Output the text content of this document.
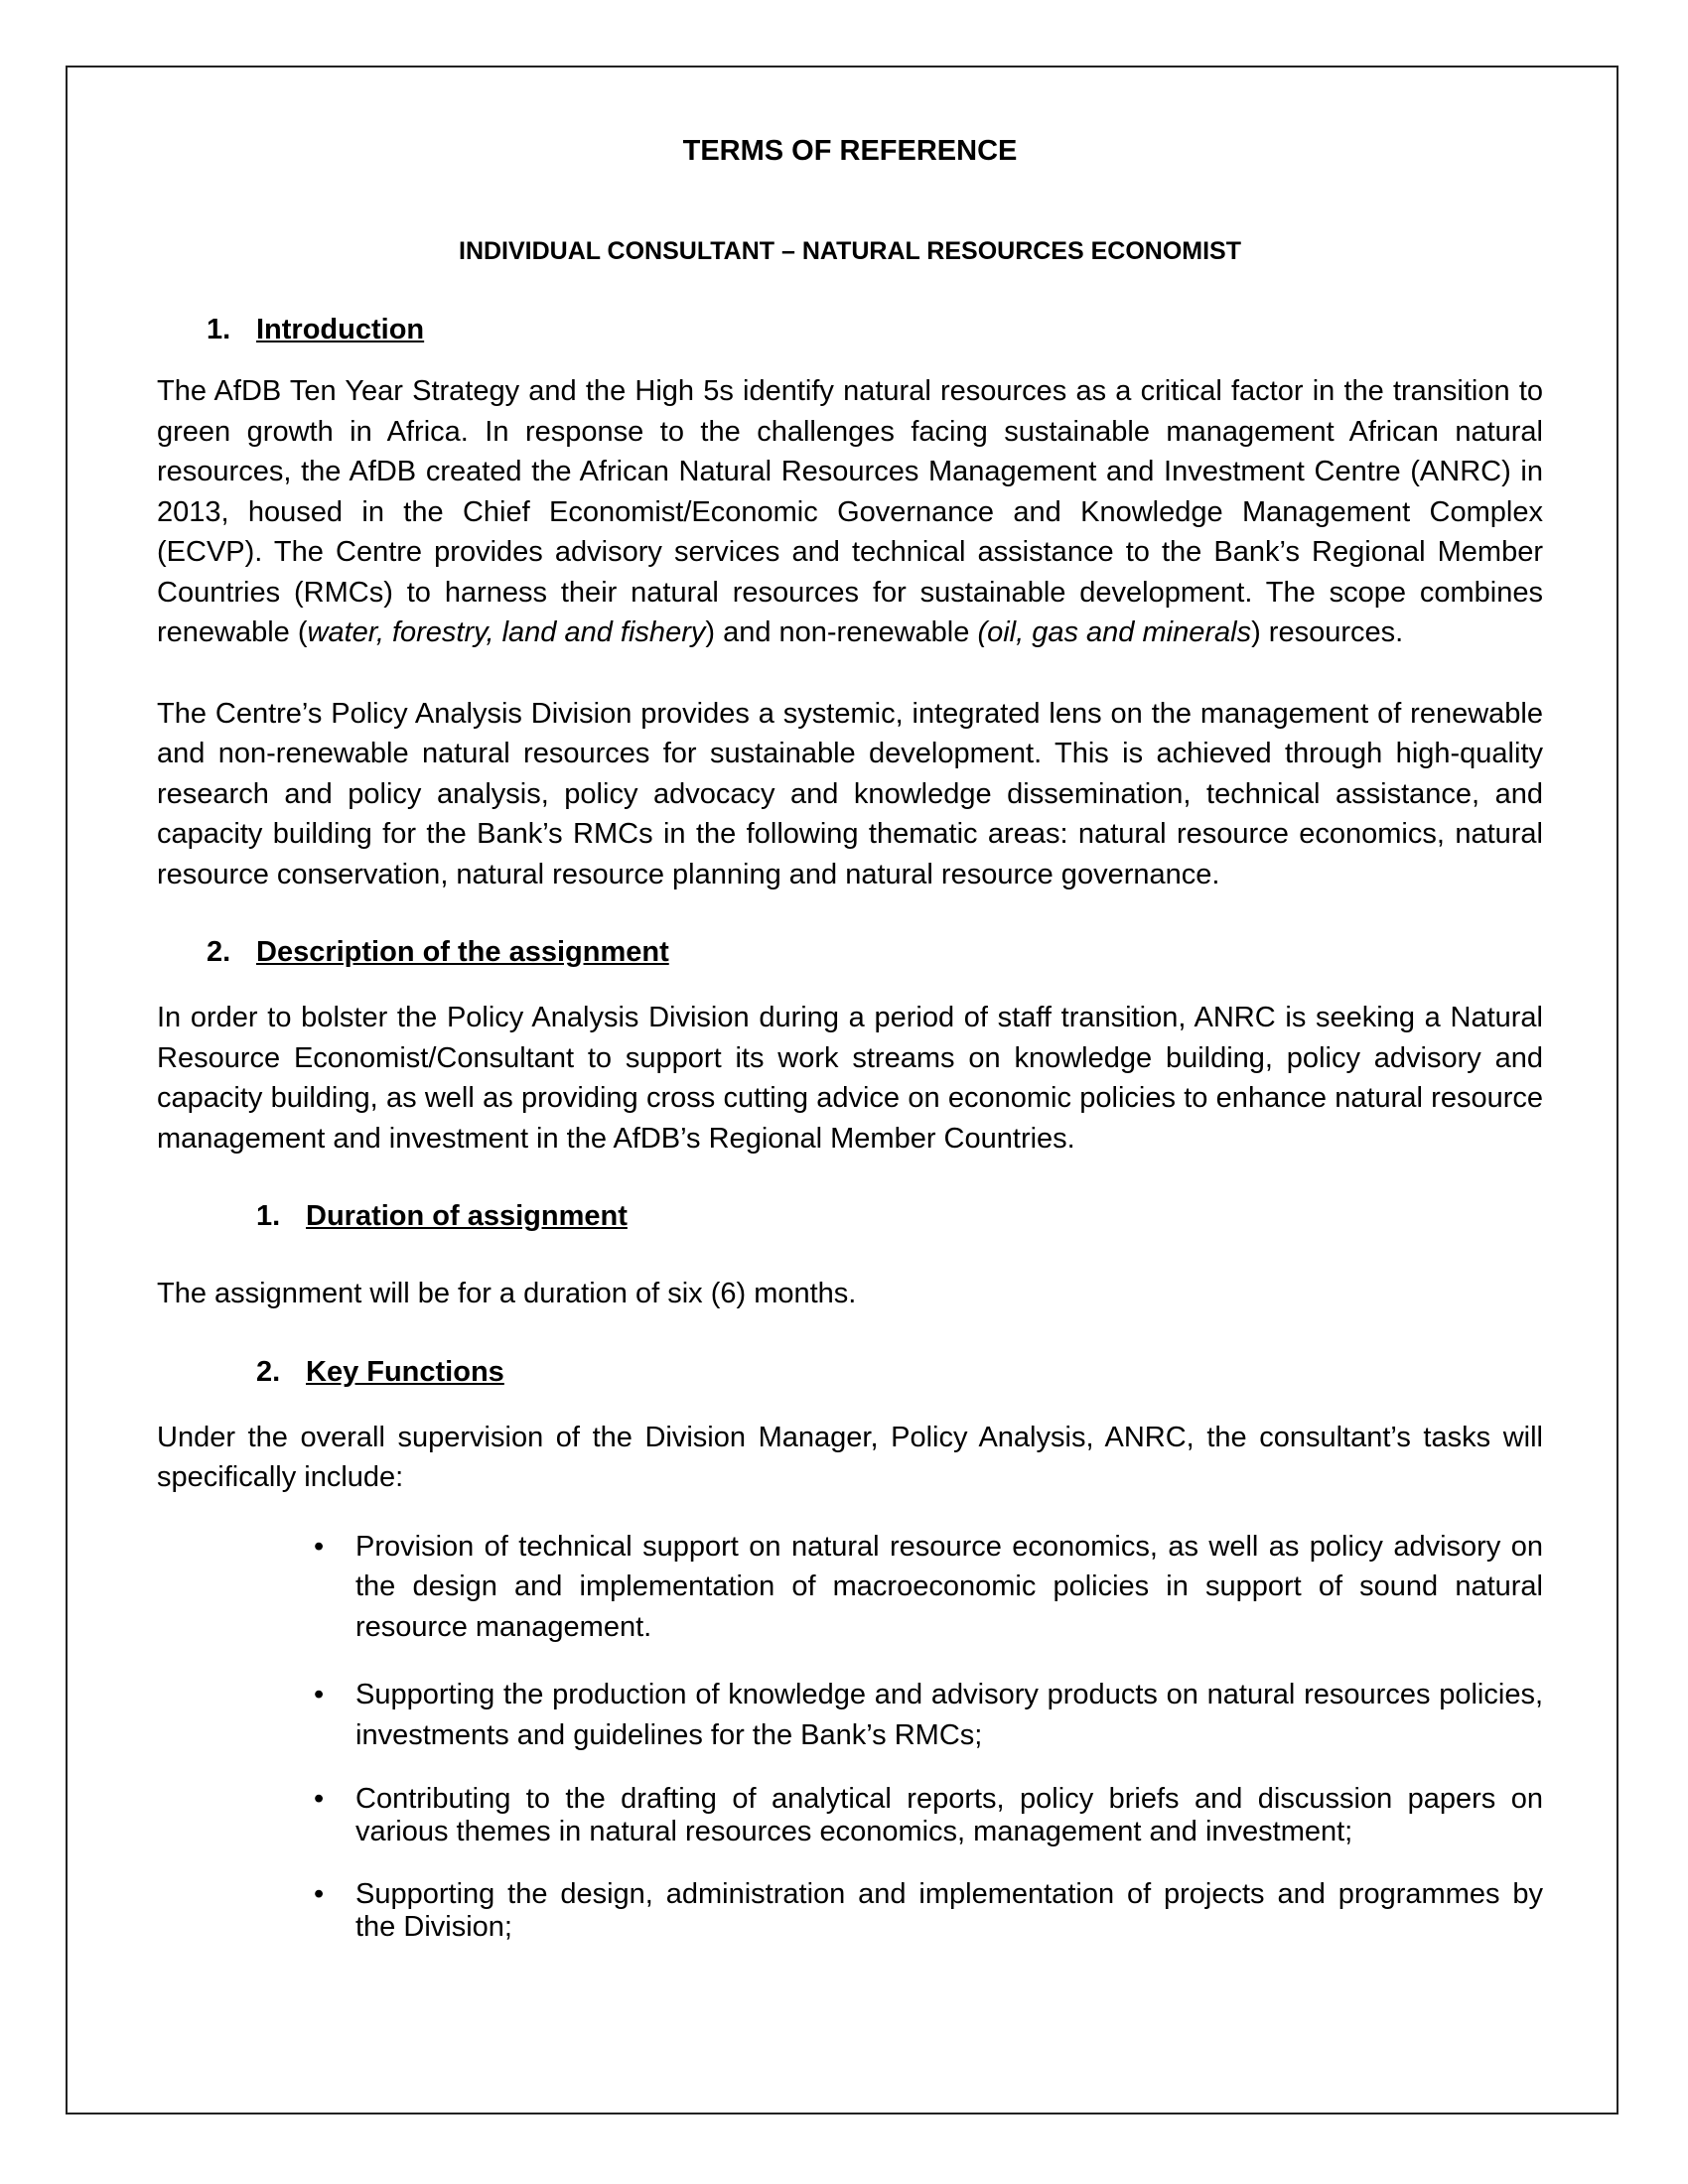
TERMS OF REFERENCE
INDIVIDUAL CONSULTANT – NATURAL RESOURCES ECONOMIST
1. Introduction

The AfDB Ten Year Strategy and the High 5s identify natural resources as a critical factor in the transition to green growth in Africa. In response to the challenges facing sustainable management African natural resources, the AfDB created the African Natural Resources Management and Investment Centre (ANRC) in 2013, housed in the Chief Economist/Economic Governance and Knowledge Management Complex (ECVP). The Centre provides advisory services and technical assistance to the Bank’s Regional Member Countries (RMCs) to harness their natural resources for sustainable development. The scope combines renewable (water, forestry, land and fishery) and non-renewable (oil, gas and minerals) resources.

The Centre’s Policy Analysis Division provides a systemic, integrated lens on the management of renewable and non-renewable natural resources for sustainable development. This is achieved through high-quality research and policy analysis, policy advocacy and knowledge dissemination, technical assistance, and capacity building for the Bank’s RMCs in the following thematic areas: natural resource economics, natural resource conservation, natural resource planning and natural resource governance.

2. Description of the assignment

In order to bolster the Policy Analysis Division during a period of staff transition, ANRC is seeking a Natural Resource Economist/Consultant to support its work streams on knowledge building, policy advisory and capacity building, as well as providing cross cutting advice on economic policies to enhance natural resource management and investment in the AfDB’s Regional Member Countries.

1. Duration of assignment

The assignment will be for a duration of six (6) months.

2. Key Functions

Under the overall supervision of the Division Manager, Policy Analysis, ANRC, the consultant’s tasks will specifically include:

• Provision of technical support on natural resource economics, as well as policy advisory on the design and implementation of macroeconomic policies in support of sound natural resource management.
• Supporting the production of knowledge and advisory products on natural resources policies, investments and guidelines for the Bank’s RMCs;
• Contributing to the drafting of analytical reports, policy briefs and discussion papers on various themes in natural resources economics, management and investment;
• Supporting the design, administration and implementation of projects and programmes by the Division;
